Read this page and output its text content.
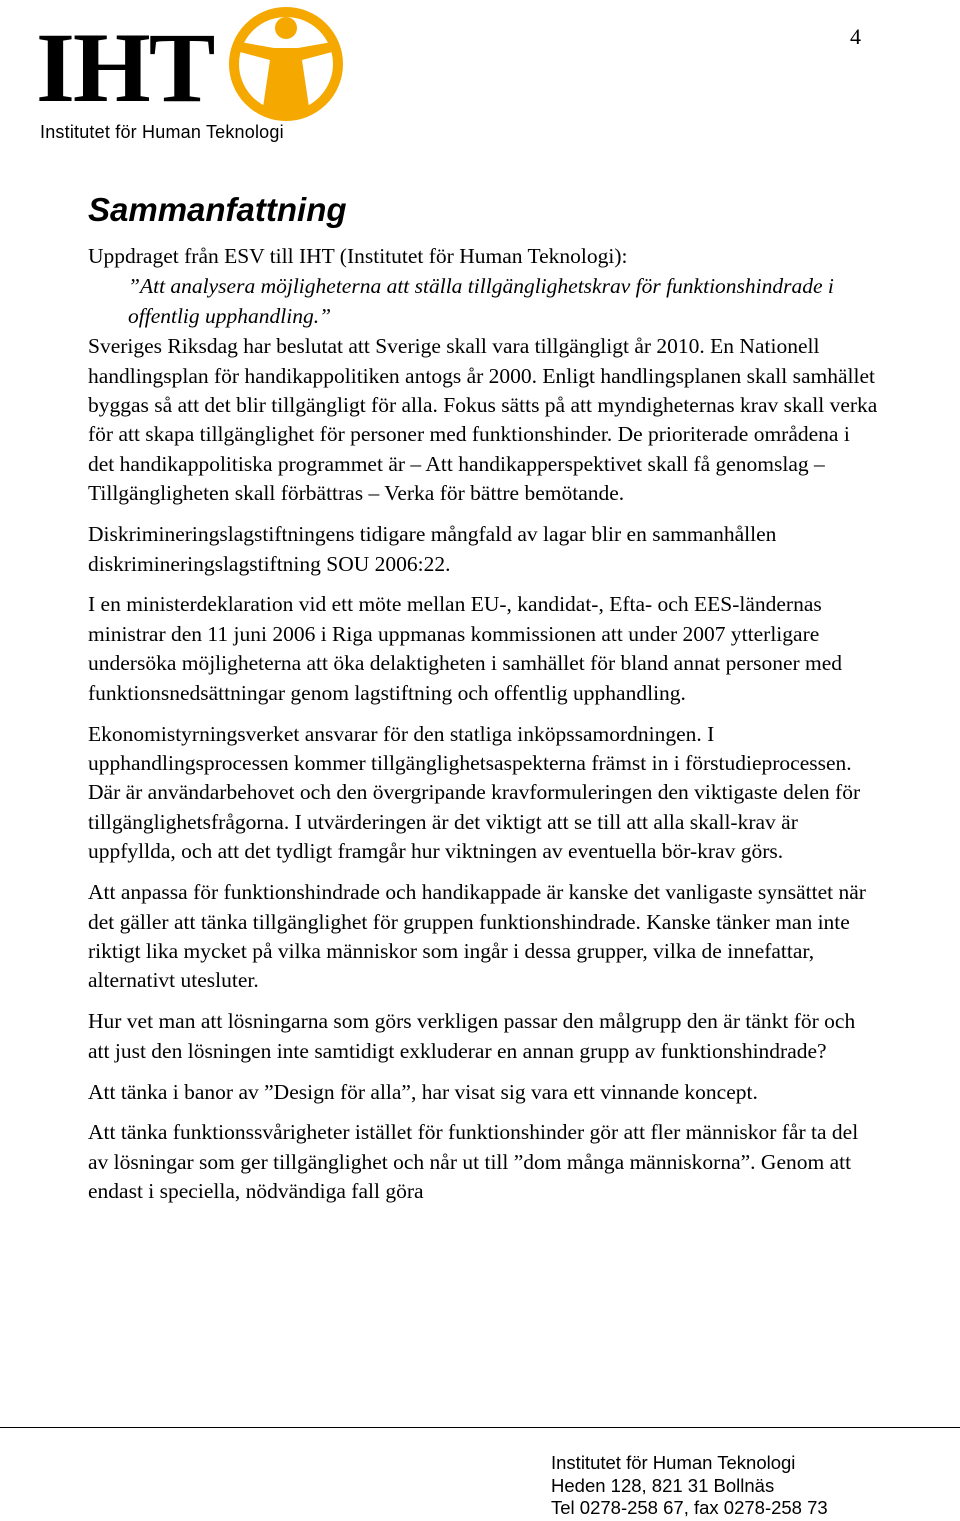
4
IHT
Institutet för Human Teknologi
Sammanfattning

Uppdraget från ESV till IHT (Institutet för Human Teknologi):

”Att analysera möjligheterna att ställa tillgänglighetskrav för funktionshindrade i offentlig upphandling.”

Sveriges Riksdag har beslutat att Sverige skall vara tillgängligt år 2010. En Nationell handlingsplan för handikappolitiken antogs år 2000. Enligt handlingsplanen skall samhället byggas så att det blir tillgängligt för alla. Fokus sätts på att myndigheternas krav skall verka för att skapa tillgänglighet för personer med funktionshinder. De prioriterade områdena i det handikappolitiska programmet är – Att handikapperspektivet skall få genomslag – Tillgängligheten skall förbättras – Verka för bättre bemötande.

Diskrimineringslagstiftningens tidigare mångfald av lagar blir en sammanhållen diskrimineringslagstiftning SOU 2006:22.

I en ministerdeklaration vid ett möte mellan EU-, kandidat-, Efta- och EES-ländernas ministrar den 11 juni 2006 i Riga uppmanas kommissionen att under 2007 ytterligare undersöka möjligheterna att öka delaktigheten i samhället för bland annat personer med funktionsnedsättningar genom lagstiftning och offentlig upphandling.

Ekonomistyrningsverket ansvarar för den statliga inköpssamordningen. I upphandlingsprocessen kommer tillgänglighetsaspekterna främst in i förstudieprocessen. Där är användarbehovet och den övergripande kravformuleringen den viktigaste delen för tillgänglighetsfrågorna. I utvärderingen är det viktigt att se till att alla skall-krav är uppfyllda, och att det tydligt framgår hur viktningen av eventuella bör-krav görs.

Att anpassa för funktionshindrade och handikappade är kanske det vanligaste synsättet när det gäller att tänka tillgänglighet för gruppen funktionshindrade. Kanske tänker man inte riktigt lika mycket på vilka människor som ingår i dessa grupper, vilka de innefattar, alternativt utesluter.

Hur vet man att lösningarna som görs verkligen passar den målgrupp den är tänkt för och att just den lösningen inte samtidigt exkluderar en annan grupp av funktionshindrade?

Att tänka i banor av ”Design för alla”, har visat sig vara ett vinnande koncept.

Att tänka funktionssvårigheter istället för funktionshinder gör att fler människor får ta del av lösningar som ger tillgänglighet och når ut till ”dom många människorna”. Genom att endast i speciella, nödvändiga fall göra

Institutet för Human Teknologi
Heden 128, 821 31 Bollnäs
Tel 0278-258 67, fax 0278-258 73
